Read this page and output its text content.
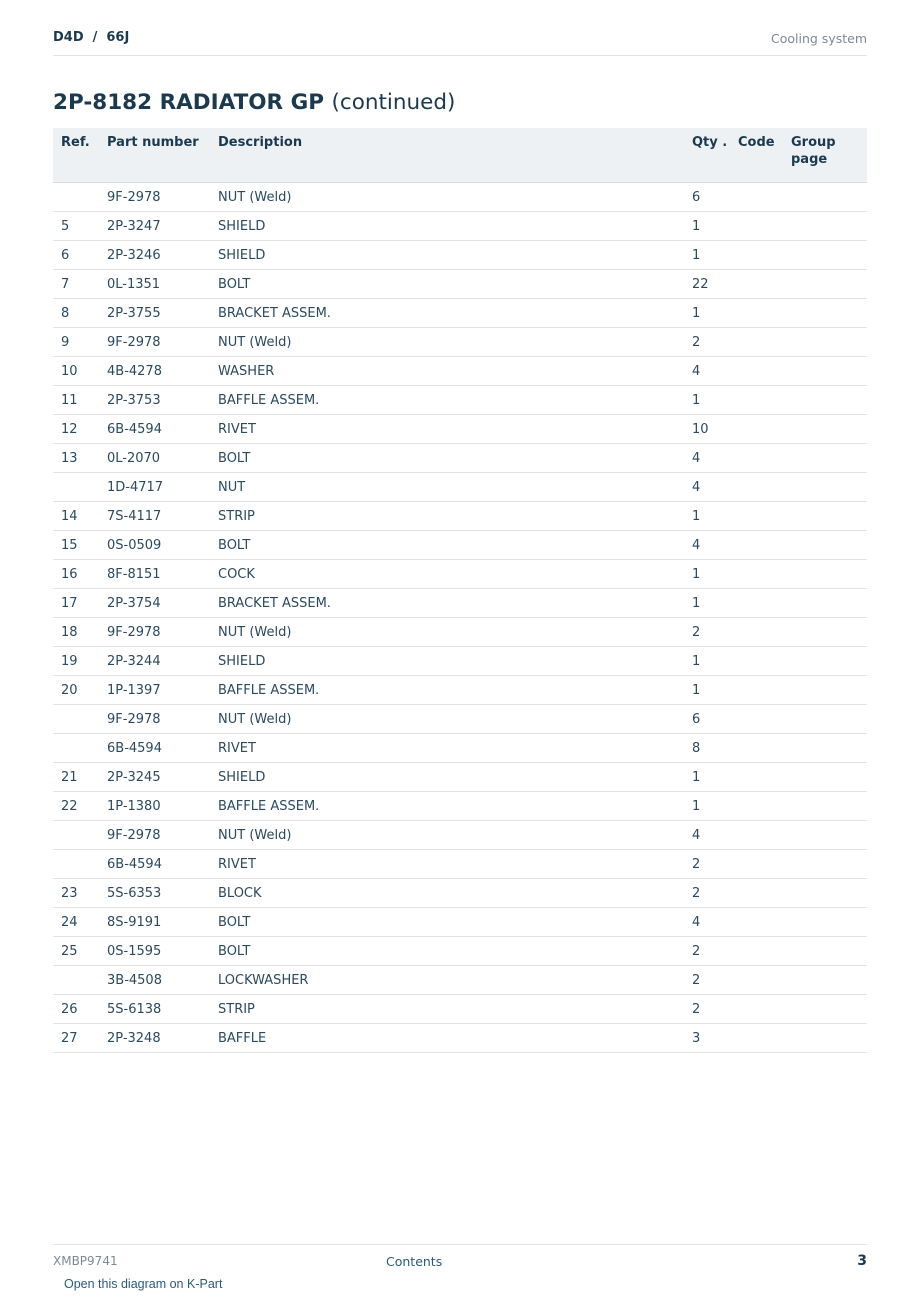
D4D / 66J	Cooling system
2P-8182 RADIATOR GP (continued)
Ref.	Part number	Description	Qty .	Code	Group page
	9F-2978	NUT (Weld)	6		
5	2P-3247	SHIELD	1		
6	2P-3246	SHIELD	1		
7	0L-1351	BOLT	22		
8	2P-3755	BRACKET ASSEM.	1		
9	9F-2978	NUT (Weld)	2		
10	4B-4278	WASHER	4		
11	2P-3753	BAFFLE ASSEM.	1		
12	6B-4594	RIVET	10		
13	0L-2070	BOLT	4		
	1D-4717	NUT	4		
14	7S-4117	STRIP	1		
15	0S-0509	BOLT	4		
16	8F-8151	COCK	1		
17	2P-3754	BRACKET ASSEM.	1		
18	9F-2978	NUT (Weld)	2		
19	2P-3244	SHIELD	1		
20	1P-1397	BAFFLE ASSEM.	1		
	9F-2978	NUT (Weld)	6		
	6B-4594	RIVET	8		
21	2P-3245	SHIELD	1		
22	1P-1380	BAFFLE ASSEM.	1		
	9F-2978	NUT (Weld)	4		
	6B-4594	RIVET	2		
23	5S-6353	BLOCK	2		
24	8S-9191	BOLT	4		
25	0S-1595	BOLT	2		
	3B-4508	LOCKWASHER	2		
26	5S-6138	STRIP	2		
27	2P-3248	BAFFLE	3		
XMBP9741	Contents	3
Open this diagram on K-Part
